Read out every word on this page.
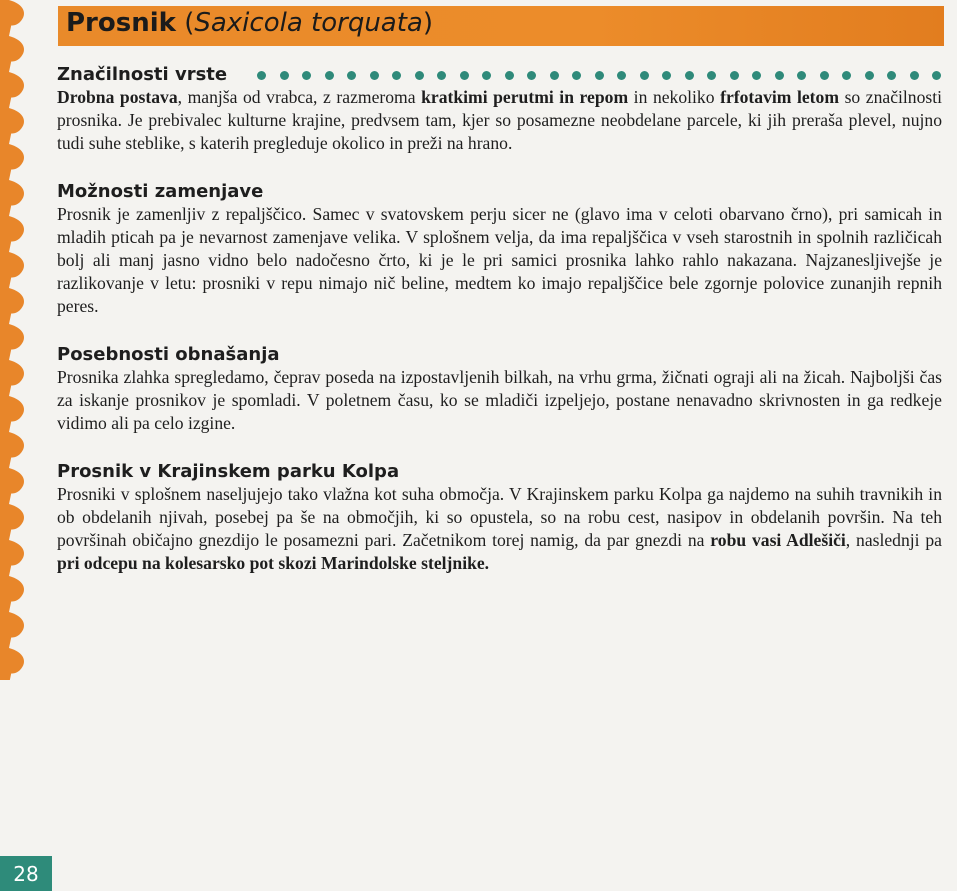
Prosnik (Saxicola torquata)
Značilnosti vrste

Drobna postava, manjša od vrabca, z razmeroma kratkimi perutmi in repom in nekoliko frfotavim letom so značilnosti prosnika. Je prebivalec kulturne krajine, predvsem tam, kjer so posamezne neobdelane parcele, ki jih preraša plevel, nujno tudi suhe steblike, s katerih pregleduje okolico in preži na hrano.

Možnosti zamenjave

Prosnik je zamenljiv z repaljščico. Samec v svatovskem perju sicer ne (glavo ima v celoti obarvano črno), pri samicah in mladih pticah pa je nevarnost zamenjave velika. V splošnem velja, da ima repaljščica v vseh starostnih in spolnih različicah bolj ali manj jasno vidno belo nadočesno črto, ki je le pri samici prosnika lahko rahlo nakazana. Najzanesljivejše je razlikovanje v letu: prosniki v repu nimajo nič beline, medtem ko imajo repaljščice bele zgornje polovice zunanjih repnih peres.

Posebnosti obnašanja

Prosnika zlahka spregledamo, čeprav poseda na izpostavljenih bilkah, na vrhu grma, žičnati ograji ali na žicah. Najboljši čas za iskanje prosnikov je spomladi. V poletnem času, ko se mladiči izpeljejo, postane nenavadno skrivnosten in ga redkeje vidimo ali pa celo izgine.

Prosnik v Krajinskem parku Kolpa

Prosniki v splošnem naseljujejo tako vlažna kot suha območja. V Krajinskem parku Kolpa ga najdemo na suhih travnikih in ob obdelanih njivah, posebej pa še na območjih, ki so opustela, so na robu cest, nasipov in obdelanih površin. Na teh površinah običajno gnezdijo le posamezni pari. Začetnikom torej namig, da par gnezdi na robu vasi Adlešiči, naslednji pa pri odcepu na kolesarsko pot skozi Marindolske steljnike.

28
